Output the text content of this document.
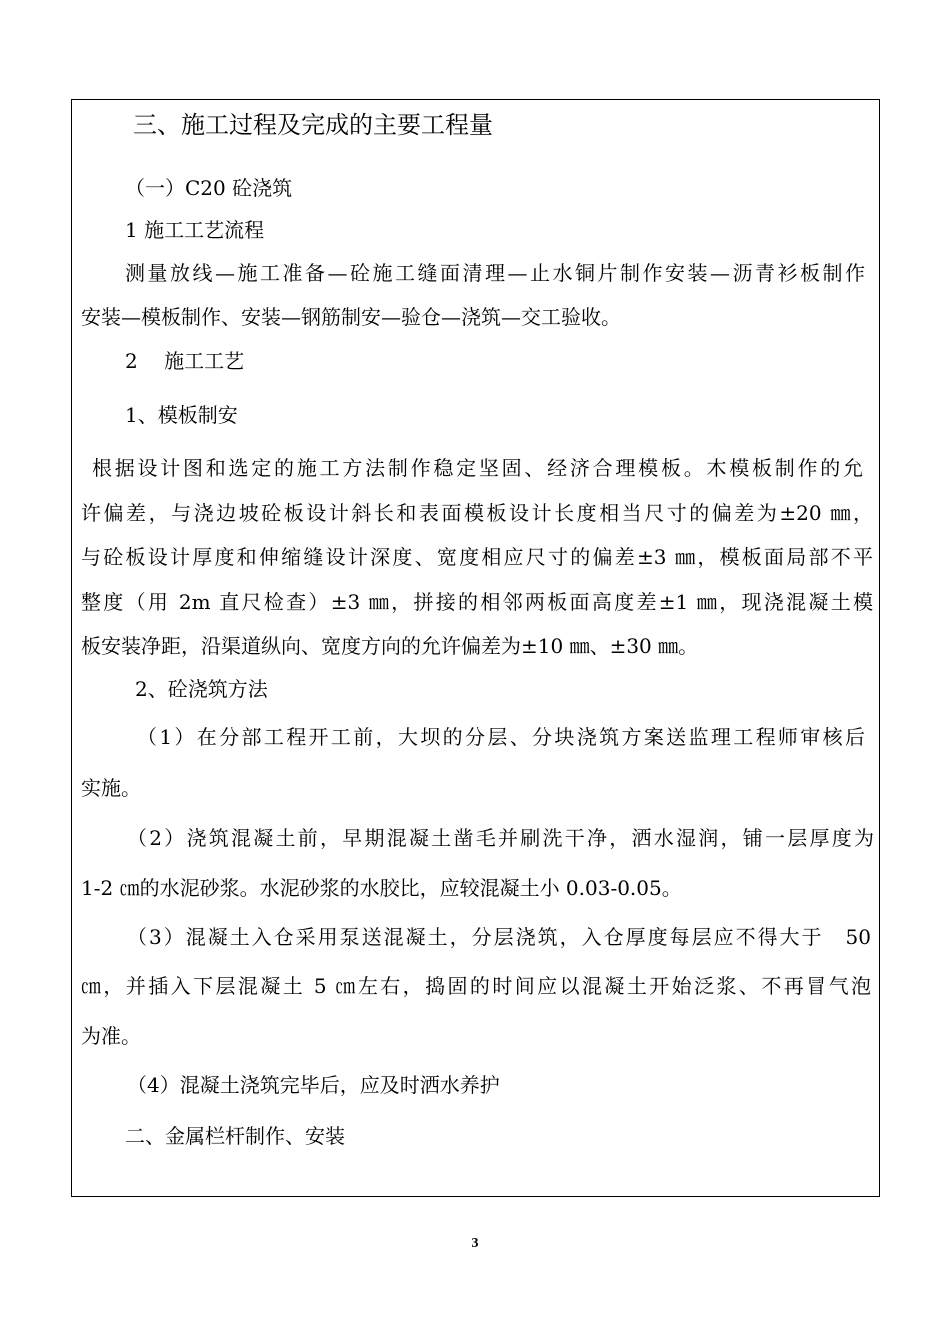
三、施工过程及完成的主要工程量
（一）C20 砼浇筑
1 施工工艺流程
测量放线—施工准备—砼施工缝面清理—止水铜片制作安装—沥青衫板制作
安装—模板制作、安装—钢筋制安—验仓—浇筑—交工验收。
2　 施工工艺
1、模板制安
根据设计图和选定的施工方法制作稳定坚固、经济合理模板。木模板制作的允
许偏差，与浇边坡砼板设计斜长和表面模板设计长度相当尺寸的偏差为±20 ㎜，
与砼板设计厚度和伸缩缝设计深度、宽度相应尺寸的偏差±3 ㎜，模板面局部不平
整度（用 2m 直尺检查）±3 ㎜，拼接的相邻两板面高度差±1 ㎜，现浇混凝土模
板安装净距，沿渠道纵向、宽度方向的允许偏差为±10 ㎜、±30 ㎜。
2、砼浇筑方法
（1）在分部工程开工前，大坝的分层、分块浇筑方案送监理工程师审核后
实施。
（2）浇筑混凝土前，早期混凝土凿毛并刷洗干净，洒水湿润，铺一层厚度为
1-2 ㎝的水泥砂浆。水泥砂浆的水胶比，应较混凝土小 0.03-0.05。
（3）混凝土入仓采用泵送混凝土，分层浇筑，入仓厚度每层应不得大于　50
㎝，并插入下层混凝土 5 ㎝左右，捣固的时间应以混凝土开始泛浆、不再冒气泡
为准。
（4）混凝土浇筑完毕后，应及时洒水养护
二、金属栏杆制作、安装
3
